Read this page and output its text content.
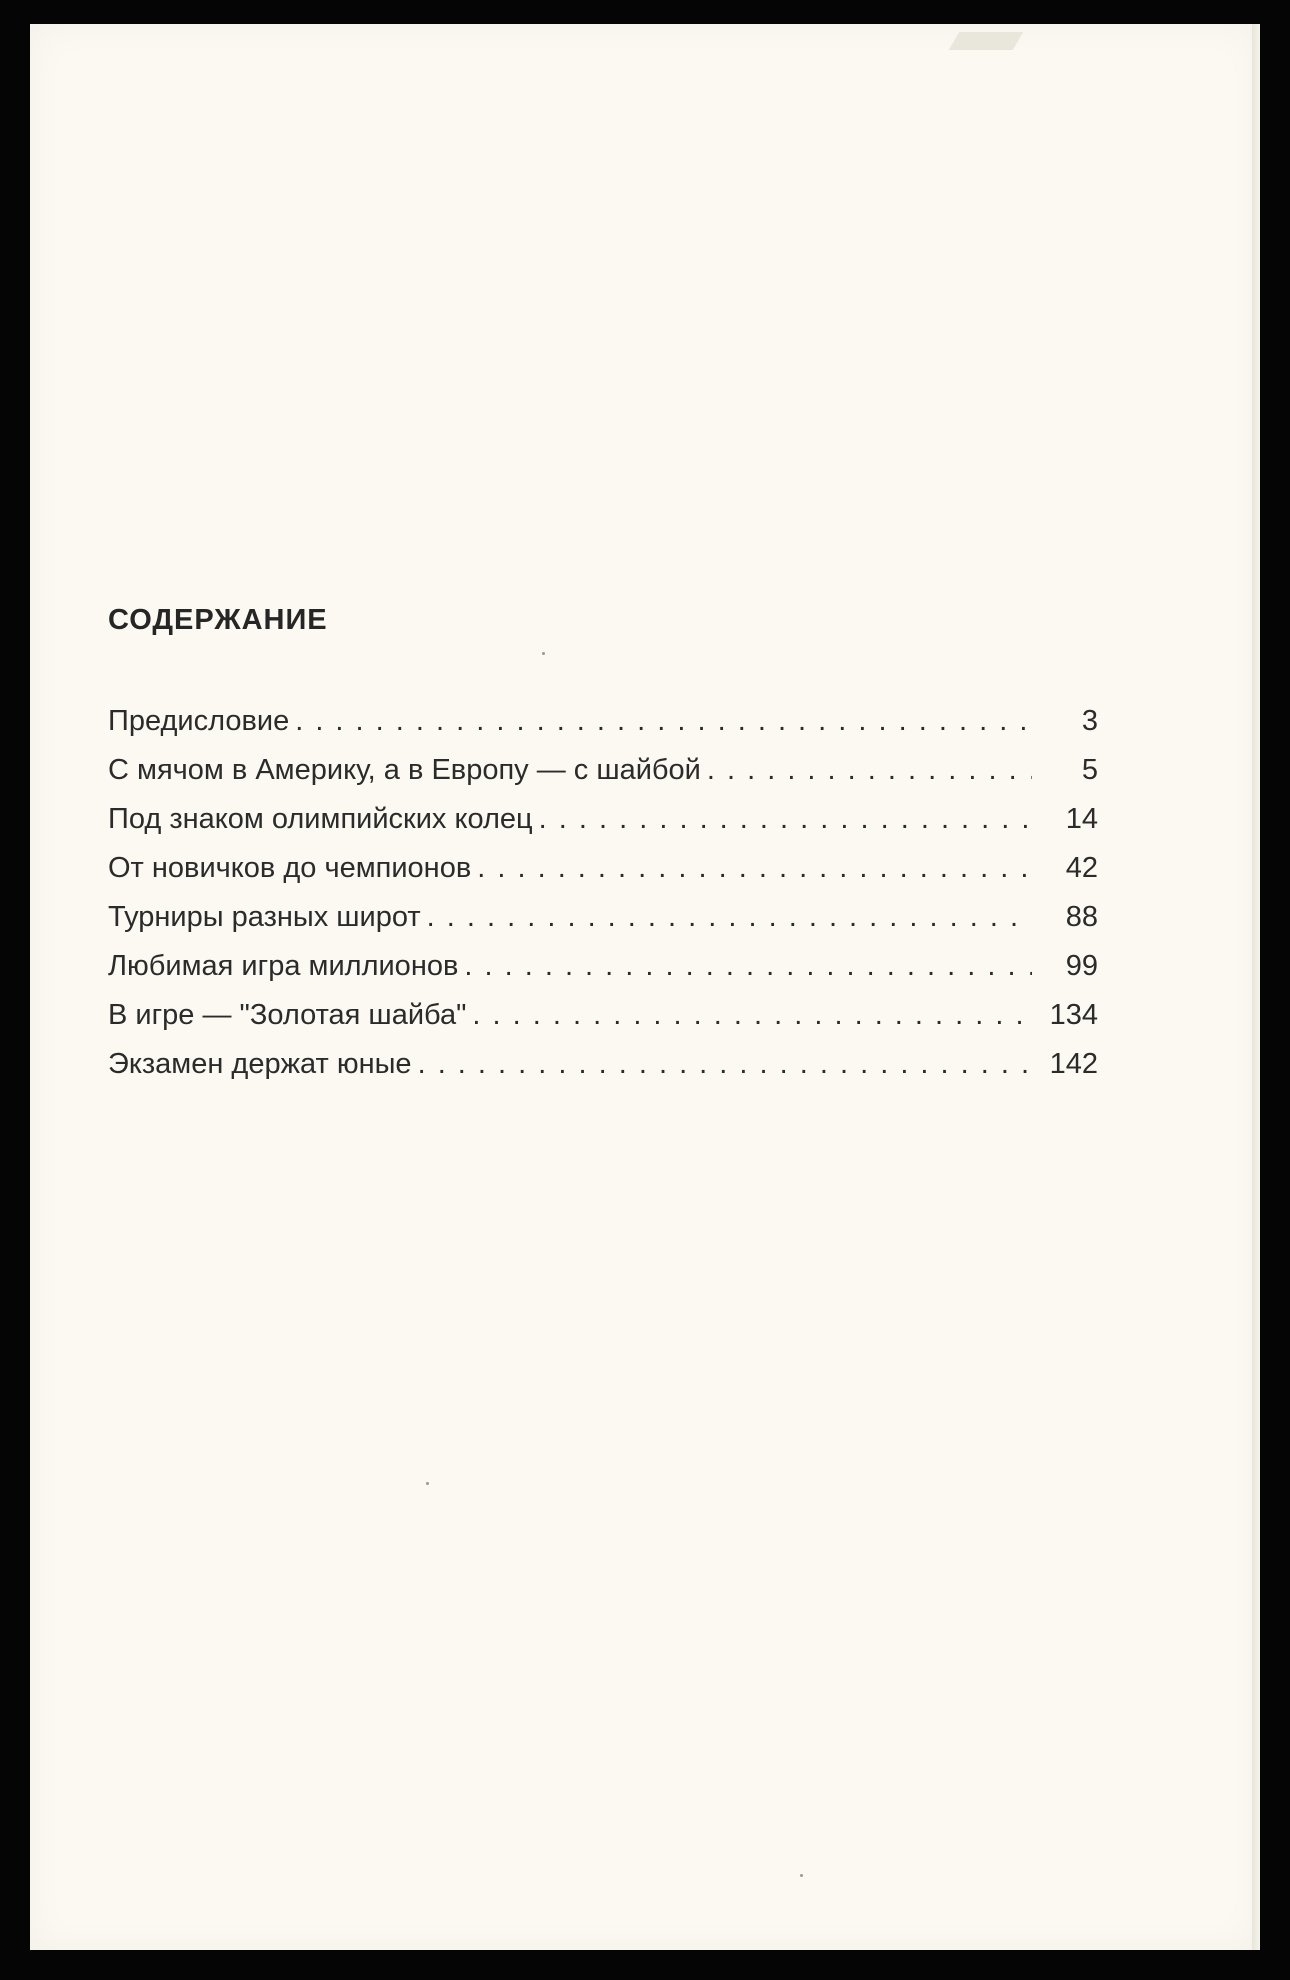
СОДЕРЖАНИЕ
Предисловие . . .	3
С мячом в Америку, а в Европу — с шайбой . . .	5
Под знаком олимпийских колец . . .	14
От новичков до чемпионов . . .	42
Турниры разных широт . . .	88
Любимая игра миллионов . . .	99
В игре — "Золотая шайба" . . .	134
Экзамен держат юные . . .	142
